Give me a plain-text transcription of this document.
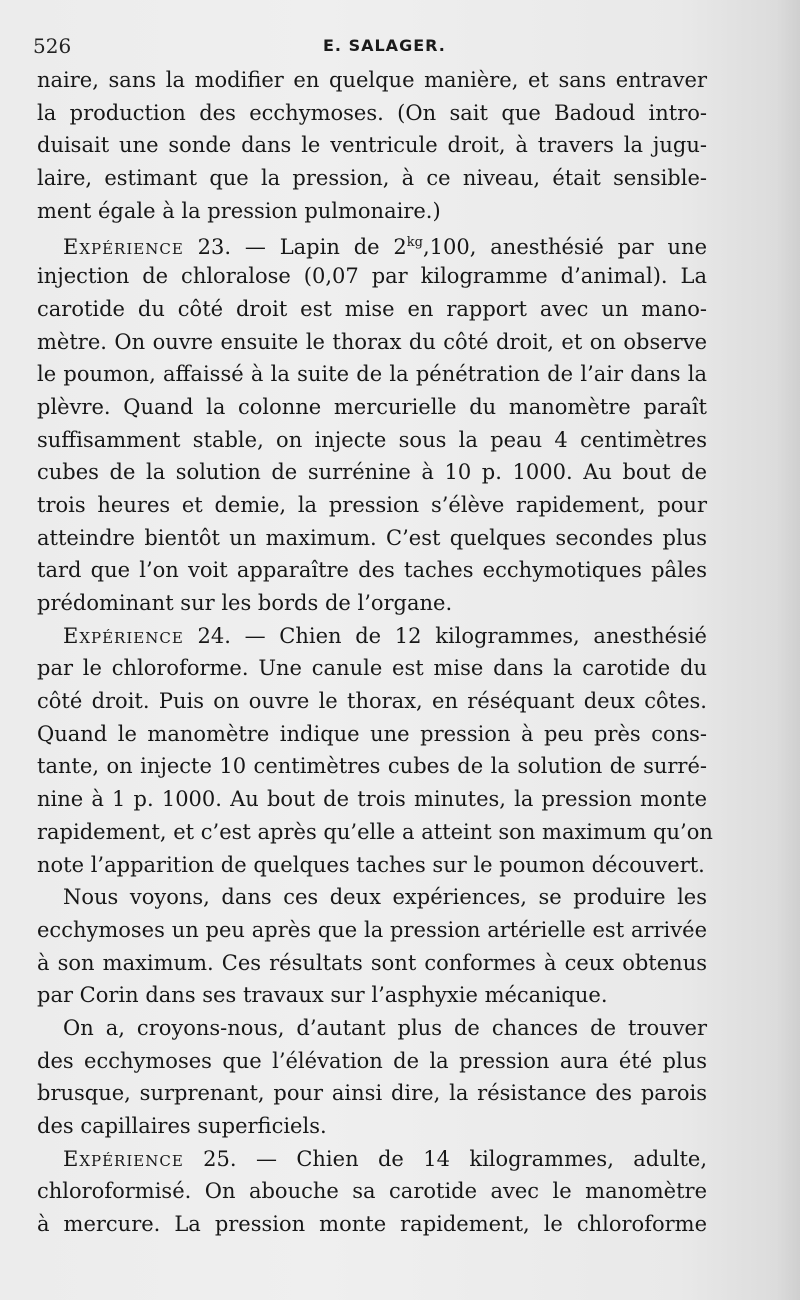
526	E. SALAGER.
naire, sans la modifier en quelque manière, et sans entraver
la production des ecchymoses. (On sait que Badoud intro-
duisait une sonde dans le ventricule droit, à travers la jugu-
laire, estimant que la pression, à ce niveau, était sensible-
ment égale à la pression pulmonaire.)
Expérience 23. — Lapin de $2^{kg},100$, anesthésié par une
injection de chloralose (0,07 par kilogramme d’animal). La
carotide du côté droit est mise en rapport avec un mano-
mètre. On ouvre ensuite le thorax du côté droit, et on observe
le poumon, affaissé à la suite de la pénétration de l’air dans la
plèvre. Quand la colonne mercurielle du manomètre paraît
suffisamment stable, on injecte sous la peau 4 centimètres
cubes de la solution de surrénine à 10 p. 1000. Au bout de
trois heures et demie, la pression s’élève rapidement, pour
atteindre bientôt un maximum. C’est quelques secondes plus
tard que l’on voit apparaître des taches ecchymotiques pâles
prédominant sur les bords de l’organe.
Expérience 24. — Chien de 12 kilogrammes, anesthésié
par le chloroforme. Une canule est mise dans la carotide du
côté droit. Puis on ouvre le thorax, en réséquant deux côtes.
Quand le manomètre indique une pression à peu près cons-
tante, on injecte 10 centimètres cubes de la solution de surré-
nine à 1 p. 1000. Au bout de trois minutes, la pression monte
rapidement, et c’est après qu’elle a atteint son maximum qu’on
note l’apparition de quelques taches sur le poumon découvert.
Nous voyons, dans ces deux expériences, se produire les
ecchymoses un peu après que la pression artérielle est arrivée
à son maximum. Ces résultats sont conformes à ceux obtenus
par Corin dans ses travaux sur l’asphyxie mécanique.
On a, croyons-nous, d’autant plus de chances de trouver
des ecchymoses que l’élévation de la pression aura été plus
brusque, surprenant, pour ainsi dire, la résistance des parois
des capillaires superficiels.
Expérience 25. — Chien de 14 kilogrammes, adulte,
chloroformisé. On abouche sa carotide avec le manomètre
à mercure. La pression monte rapidement, le chloroforme
